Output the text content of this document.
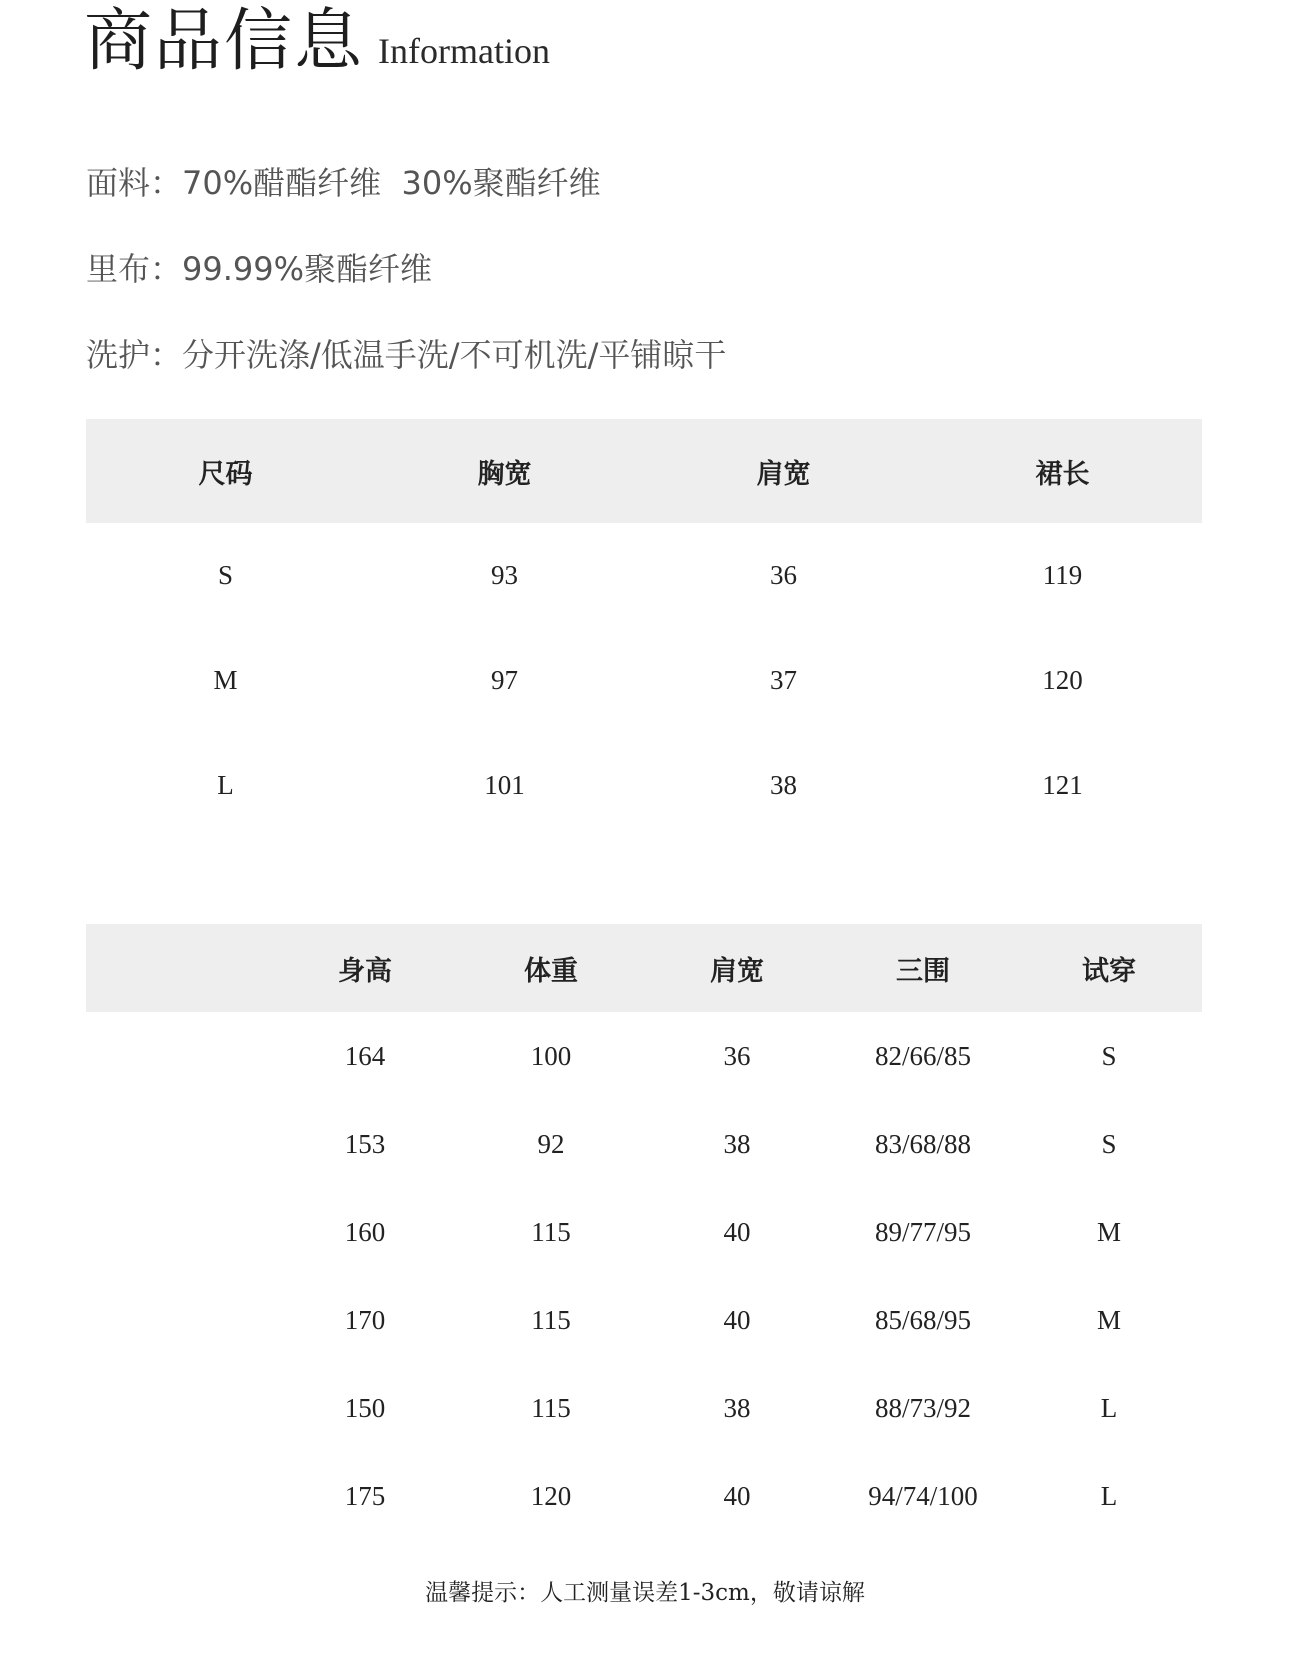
商品信息 Information
面料：70%醋酯纤维  30%聚酯纤维
里布：99.99%聚酯纤维
洗护：分开洗涤/低温手洗/不可机洗/平铺晾干
尺码	胸宽	肩宽	裙长
S	93	36	119
M	97	37	120
L	101	38	121
	身高	体重	肩宽	三围	试穿
	164	100	36	82/66/85	S
	153	92	38	83/68/88	S
	160	115	40	89/77/95	M
	170	115	40	85/68/95	M
	150	115	38	88/73/92	L
	175	120	40	94/74/100	L
温馨提示：人工测量误差1-3cm，敬请谅解
